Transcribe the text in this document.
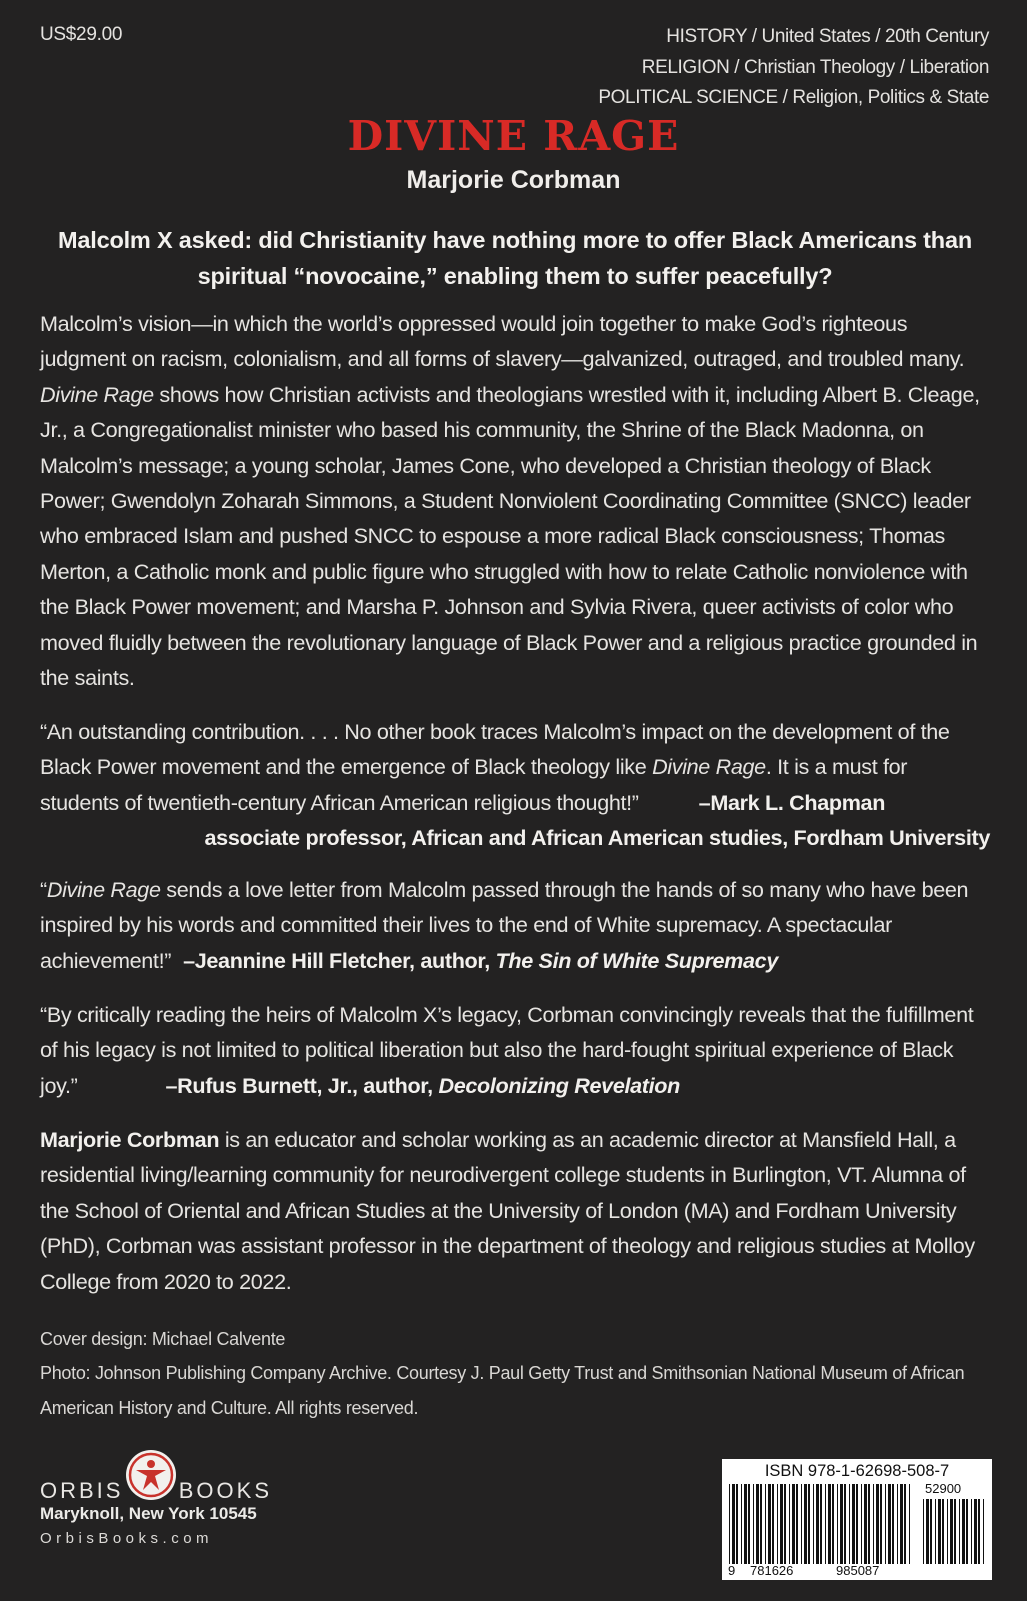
US$29.00	HISTORY / United States / 20th Century
RELIGION / Christian Theology / Liberation
POLITICAL SCIENCE / Religion, Politics & State
DIVINE RAGE
Marjorie Corbman
Malcolm X asked: did Christianity have nothing more to offer Black Americans than spiritual “novocaine,” enabling them to suffer peacefully?
Malcolm’s vision—in which the world’s oppressed would join together to make God’s righteous judgment on racism, colonialism, and all forms of slavery—galvanized, outraged, and troubled many. Divine Rage shows how Christian activists and theologians wrestled with it, including Albert B. Cleage, Jr., a Congregationalist minister who based his community, the Shrine of the Black Madonna, on Malcolm’s message; a young scholar, James Cone, who developed a Christian theology of Black Power; Gwendolyn Zoharah Simmons, a Student Nonviolent Coordinating Committee (SNCC) leader who embraced Islam and pushed SNCC to espouse a more radical Black consciousness; Thomas Merton, a Catholic monk and public figure who struggled with how to relate Catholic nonviolence with the Black Power movement; and Marsha P. Johnson and Sylvia Rivera, queer activists of color who moved fluidly between the revolutionary language of Black Power and a religious practice grounded in the saints.
“An outstanding contribution. . . . No other book traces Malcolm’s impact on the development of the Black Power movement and the emergence of Black theology like Divine Rage. It is a must for students of twentieth-century African American religious thought!”	–Mark L. Chapman
associate professor, African and African American studies, Fordham University
“Divine Rage sends a love letter from Malcolm passed through the hands of so many who have been inspired by his words and committed their lives to the end of White supremacy. A spectacular achievement!” –Jeannine Hill Fletcher, author, The Sin of White Supremacy
“By critically reading the heirs of Malcolm X’s legacy, Corbman convincingly reveals that the fulfillment of his legacy is not limited to political liberation but also the hard-fought spiritual experience of Black joy.”	–Rufus Burnett, Jr., author, Decolonizing Revelation
Marjorie Corbman is an educator and scholar working as an academic director at Mansfield Hall, a residential living/learning community for neurodivergent college students in Burlington, VT. Alumna of the School of Oriental and African Studies at the University of London (MA) and Fordham University (PhD), Corbman was assistant professor in the department of theology and religious studies at Molloy College from 2020 to 2022.
Cover design: Michael Calvente
Photo: Johnson Publishing Company Archive. Courtesy J. Paul Getty Trust and Smithsonian National Museum of African American History and Culture. All rights reserved.
ORBIS	BOOKS
Maryknoll, New York 10545
OrbisBooks.com
ISBN 978-1-62698-508-7
52900
9 781626	985087
